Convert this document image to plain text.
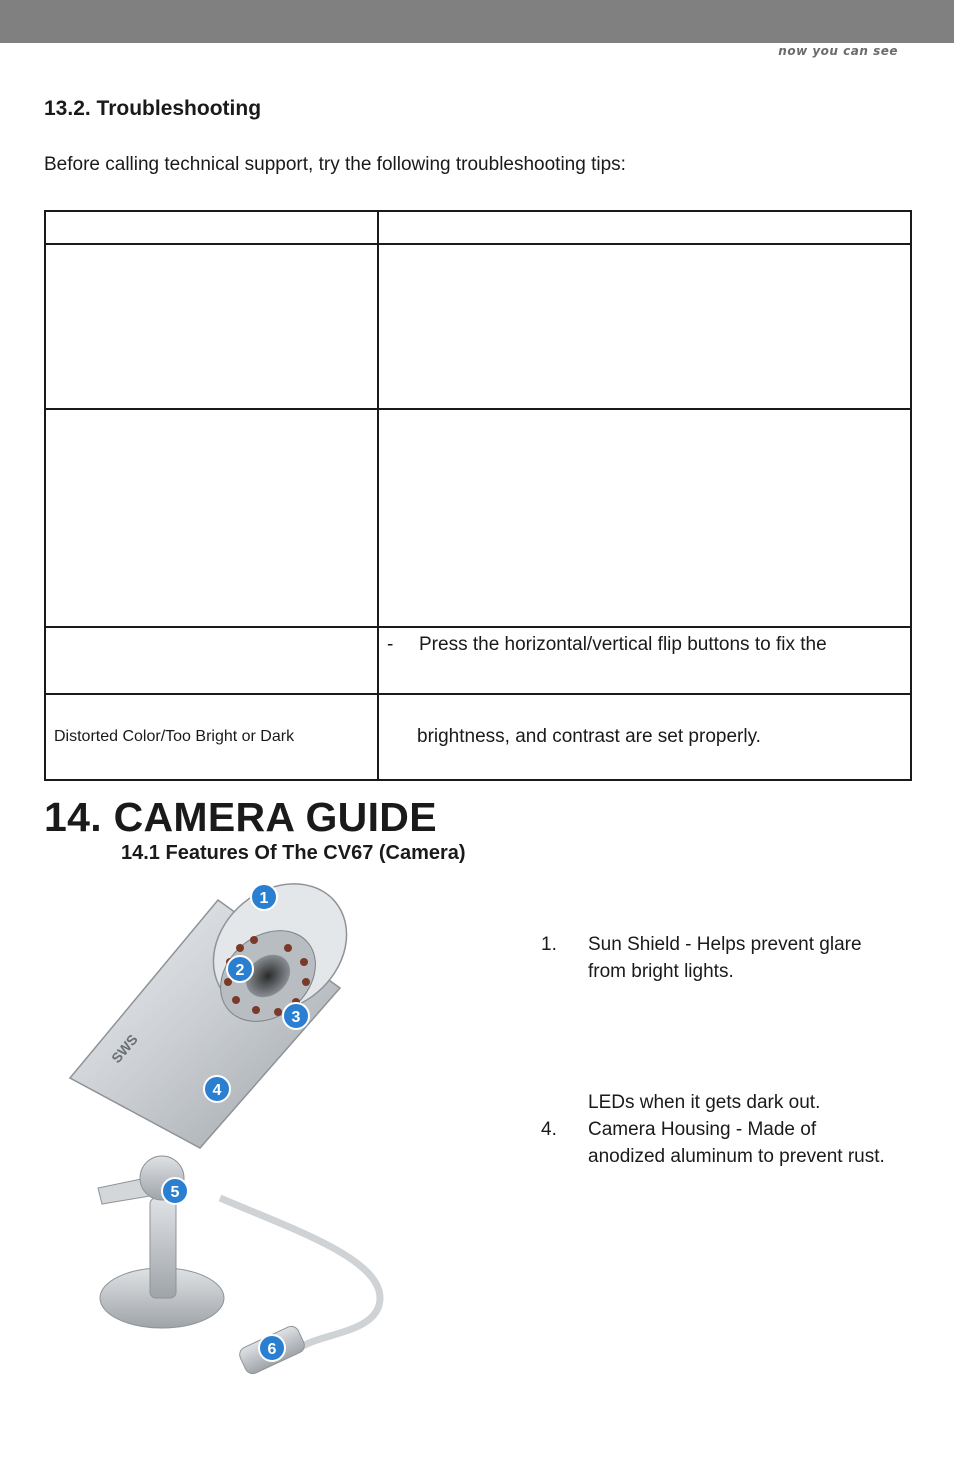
now you can see
13.2. Troubleshooting

Before calling technical support, try the following troubleshooting tips:

	- Press the horizontal/vertical flip buttons to fix the
Distorted Color/Too Bright or Dark	brightness, and contrast are set properly.
14. CAMERA GUIDE
14.1 Features Of The CV67 (Camera)
SWS
1
2
3
4
5
6
1. Sun Shield - Helps prevent glare
from bright lights.
LEDs when it gets dark out.
4. Camera Housing - Made of
anodized aluminum to prevent rust.
